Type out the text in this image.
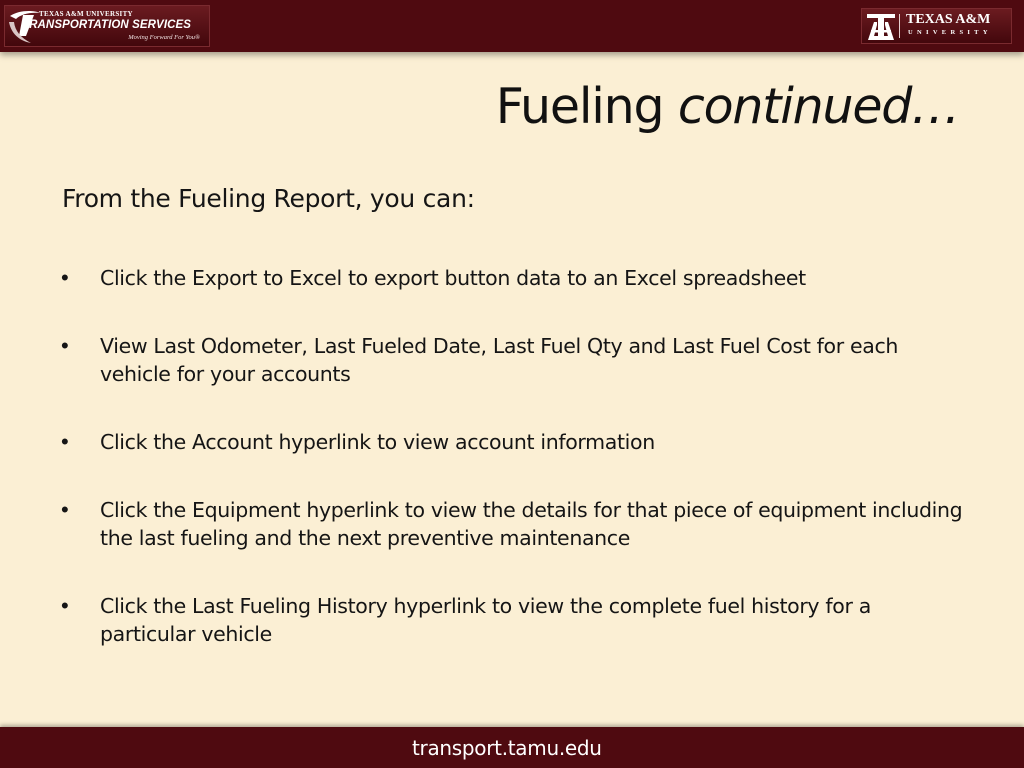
TEXAS A&M UNIVERSITY
TRANSPORTATION SERVICES
Moving Forward For You®
TEXAS A&M
UNIVERSITY
Fueling continued…
From the Fueling Report, you can:
• Click the Export to Excel to export button data to an Excel spreadsheet
• View Last Odometer, Last Fueled Date, Last Fuel Qty and Last Fuel Cost for each vehicle for your accounts
• Click the Account hyperlink to view account information
• Click the Equipment hyperlink to view the details for that piece of equipment including the last fueling and the next preventive maintenance
• Click the Last Fueling History hyperlink to view the complete fuel history for a particular vehicle
transport.tamu.edu
